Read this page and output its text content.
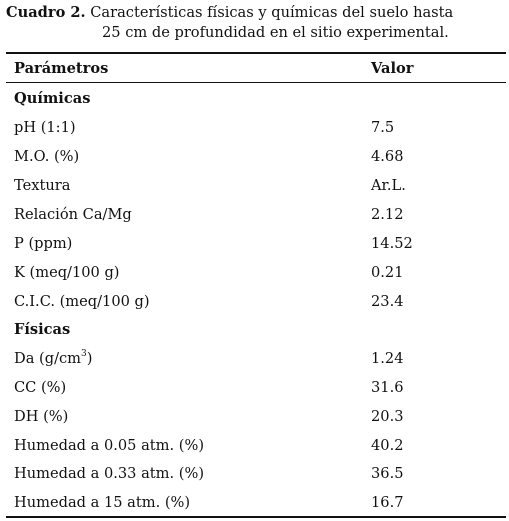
Cuadro 2. Características físicas y químicas del suelo hasta
25 cm de profundidad en el sitio experimental.
Parámetros	Valor
Químicas
pH (1:1)	7.5
M.O. (%)	4.68
Textura	Ar.L.
Relación Ca/Mg	2.12
P (ppm)	14.52
K (meq/100 g)	0.21
C.I.C. (meq/100 g)	23.4
Físicas
Da $(g/cm^3)$	1.24
CC (%)	31.6
DH (%)	20.3
Humedad a 0.05 atm. (%)	40.2
Humedad a 0.33 atm. (%)	36.5
Humedad a 15 atm. (%)	16.7
